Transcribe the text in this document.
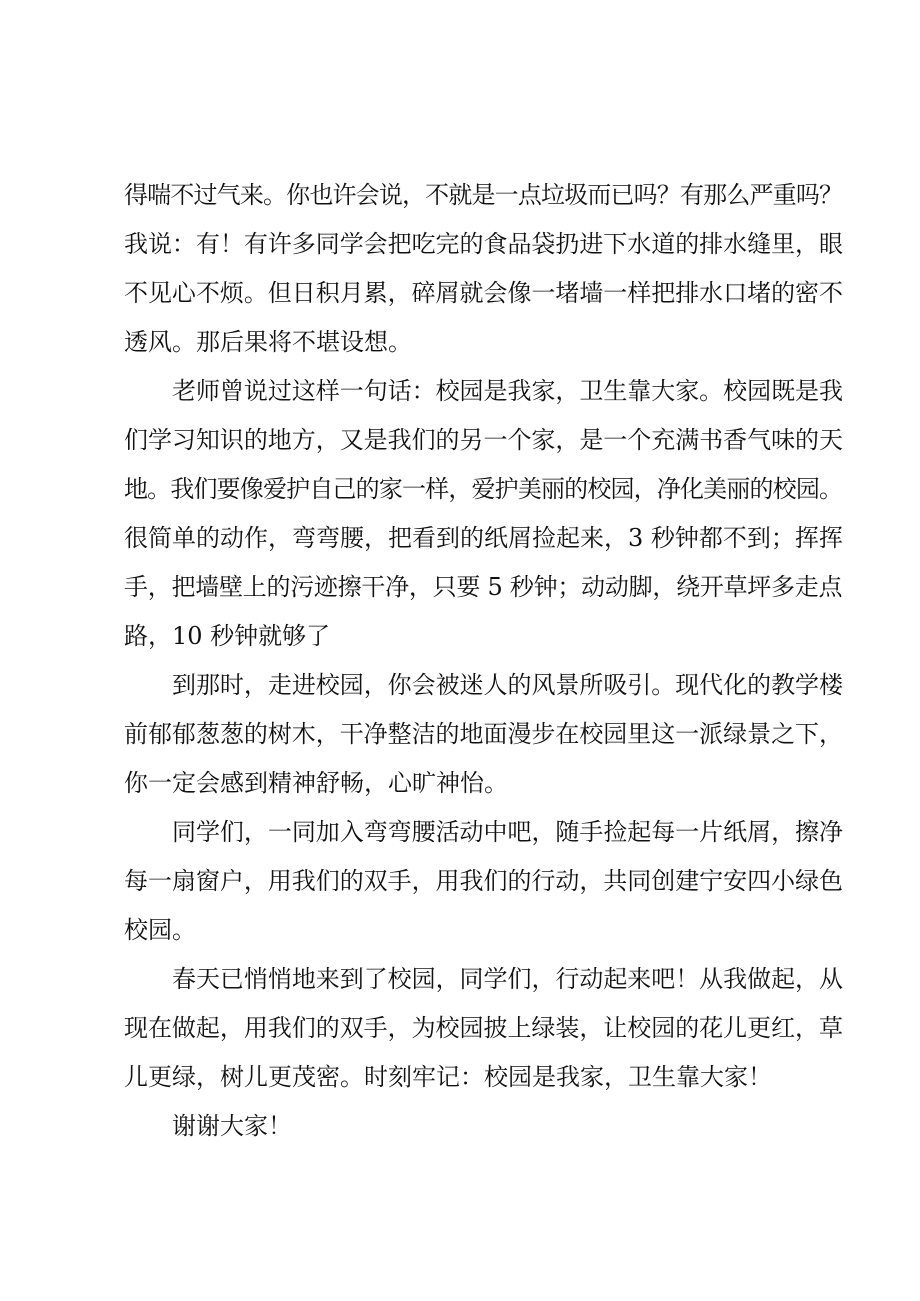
得喘不过气来。你也许会说，不就是一点垃圾而已吗？有那么严重吗？
我说：有！有许多同学会把吃完的食品袋扔进下水道的排水缝里，眼
不见心不烦。但日积月累，碎屑就会像一堵墙一样把排水口堵的密不
透风。那后果将不堪设想。
老师曾说过这样一句话：校园是我家，卫生靠大家。校园既是我
们学习知识的地方，又是我们的另一个家，是一个充满书香气味的天
地。我们要像爱护自己的家一样，爱护美丽的校园，净化美丽的校园。
很简单的动作，弯弯腰，把看到的纸屑捡起来，3 秒钟都不到；挥挥
手，把墙壁上的污迹擦干净，只要 5 秒钟；动动脚，绕开草坪多走点
路，10 秒钟就够了
到那时，走进校园，你会被迷人的风景所吸引。现代化的教学楼
前郁郁葱葱的树木，干净整洁的地面漫步在校园里这一派绿景之下，
你一定会感到精神舒畅，心旷神怡。
同学们，一同加入弯弯腰活动中吧，随手捡起每一片纸屑，擦净
每一扇窗户，用我们的双手，用我们的行动，共同创建宁安四小绿色
校园。
春天已悄悄地来到了校园，同学们，行动起来吧！从我做起，从
现在做起，用我们的双手，为校园披上绿装，让校园的花儿更红，草
儿更绿，树儿更茂密。时刻牢记：校园是我家，卫生靠大家！
谢谢大家！
